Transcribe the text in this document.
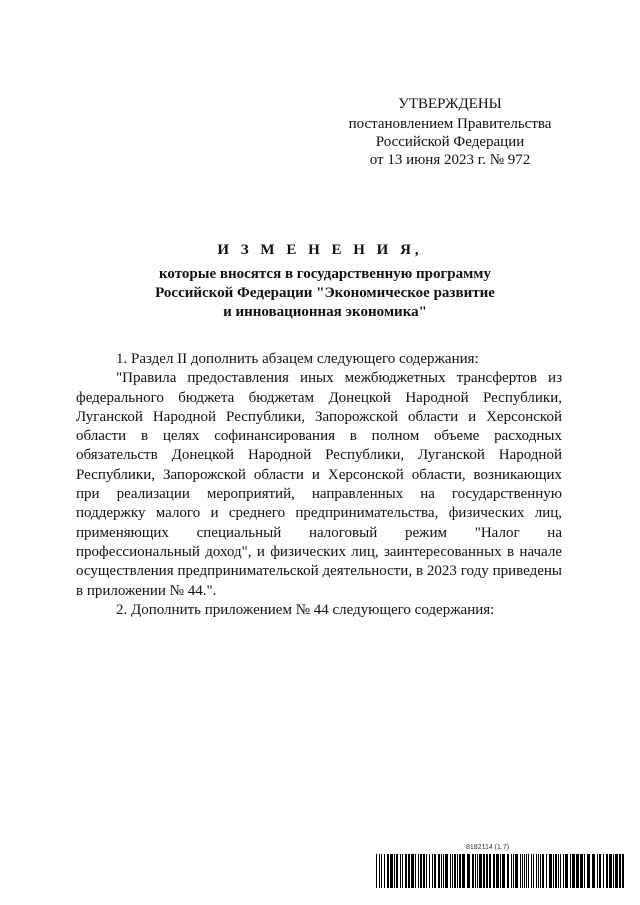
УТВЕРЖДЕНЫ
постановлением Правительства
Российской Федерации
от 13 июня 2023 г. № 972
И З М Е Н Е Н И Я,
которые вносятся в государственную программу
Российской Федерации "Экономическое развитие
и инновационная экономика"

1. Раздел II дополнить абзацем следующего содержания:

"Правила предоставления иных межбюджетных трансфертов из федерального бюджета бюджетам Донецкой Народной Республики, Луганской Народной Республики, Запорожской области и Херсонской области в целях софинансирования в полном объеме расходных обязательств Донецкой Народной Республики, Луганской Народной Республики, Запорожской области и Херсонской области, возникающих при реализации мероприятий, направленных на государственную поддержку малого и среднего предпринимательства, физических лиц, применяющих специальный налоговый режим "Налог на профессиональный доход", и физических лиц, заинтересованных в начале осуществления предпринимательской деятельности, в 2023 году приведены в приложении № 44.".

2. Дополнить приложением № 44 следующего содержания:

8182114 (1.7)
